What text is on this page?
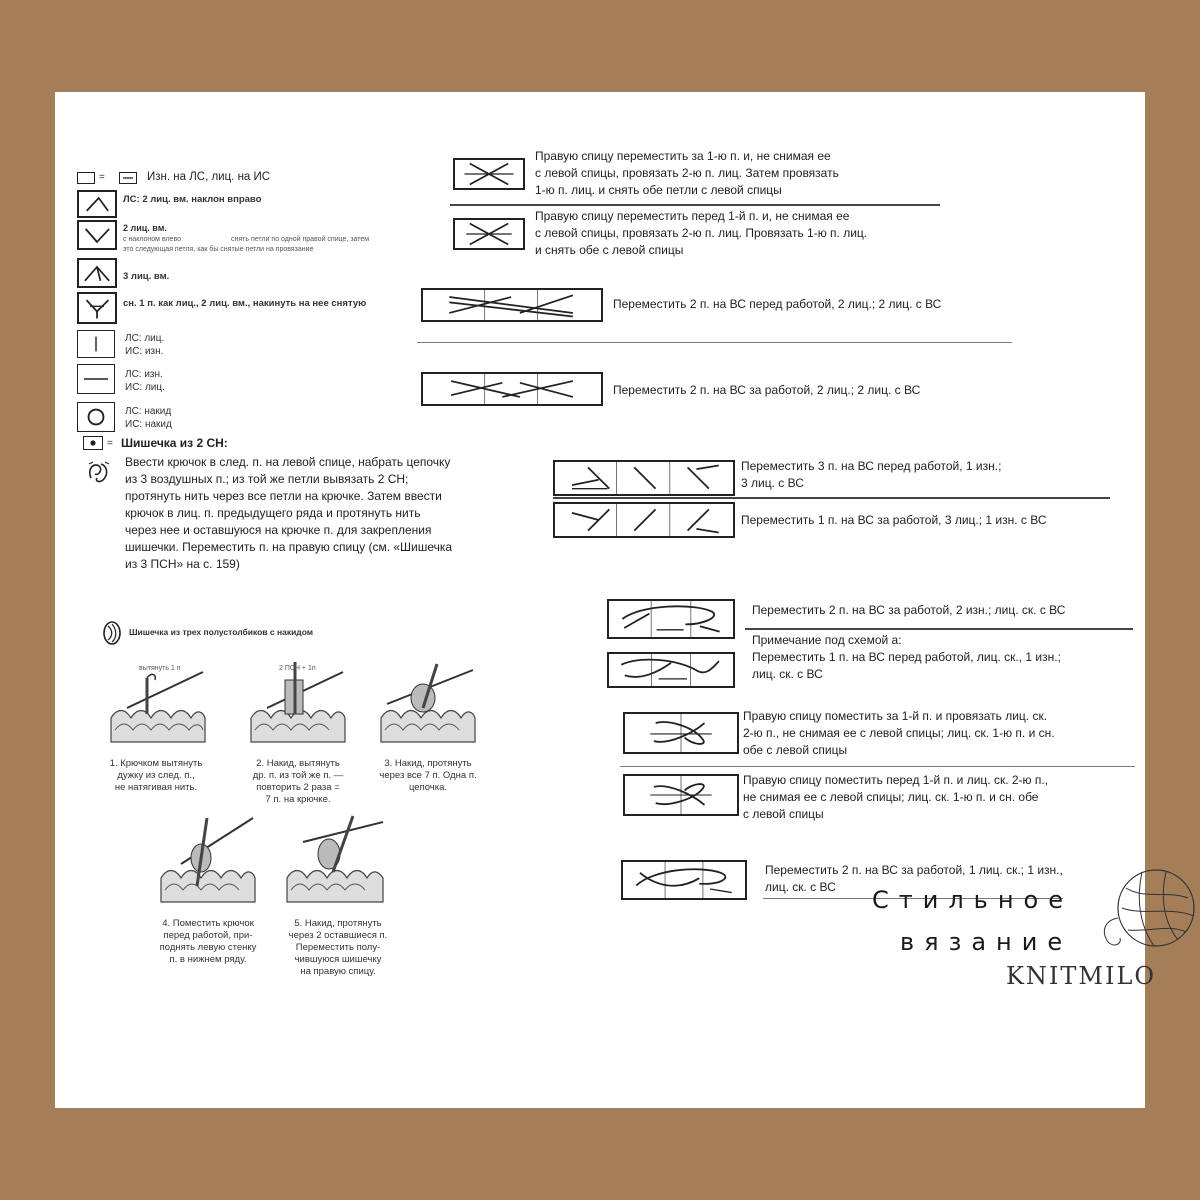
=	Изн. на ЛС, лиц. на ИС
ЛС: 2 лиц. вм. наклон вправо
2 лиц. вм.
с наклоном влево	снять петли по одной правой спице, затем
это следующая петля, как бы снятые петли на провязание
3 лиц. вм.
сн. 1 п. как лиц., 2 лиц. вм., накинуть на нее снятую
ЛС: лиц.
ИС: изн.
ЛС: изн.
ИС: лиц.
ЛС: накид
ИС: накид
= Шишечка из 2 СН:
Ввести крючок в след. п. на левой спице, набрать цепочку
из 3 воздушных п.; из той же петли вывязать 2 СН;
протянуть нить через все петли на крючке. Затем ввести
крючок в лиц. п. предыдущего ряда и протянуть нить
через нее и оставшуюся на крючке п. для закрепления
шишечки. Переместить п. на правую спицу (см. «Шишечка
из 3 ПСН» на с. 159)
Правую спицу переместить за 1-ю п. и, не снимая ее
с левой спицы, провязать 2-ю п. лиц. Затем провязать
1-ю п. лиц. и снять обе петли с левой спицы
Правую спицу переместить перед 1-й п. и, не снимая ее
с левой спицы, провязать 2-ю п. лиц. Провязать 1-ю п. лиц.
и снять обе с левой спицы
Переместить 2 п. на ВС перед работой, 2 лиц.; 2 лиц. с ВС
Переместить 2 п. на ВС за работой, 2 лиц.; 2 лиц. с ВС
Переместить 3 п. на ВС перед работой, 1 изн.;
3 лиц. с ВС
Переместить 1 п. на ВС за работой, 3 лиц.; 1 изн. с ВС
Переместить 2 п. на ВС за работой, 2 изн.; лиц. ск. с ВС
Примечание под схемой а:
Переместить 1 п. на ВС перед работой, лиц. ск., 1 изн.;
лиц. ск. с ВС
Правую спицу поместить за 1-й п. и провязать лиц. ск.
2-ю п., не снимая ее с левой спицы; лиц. ск. 1-ю п. и сн.
обе с левой спицы
Правую спицу поместить перед 1-й п. и лиц. ск. 2-ю п.,
не снимая ее с левой спицы; лиц. ск. 1-ю п. и сн. обе
с левой спицы
Переместить 2 п. на ВС за работой, 1 лиц. ск.; 1 изн.,
лиц. ск. с ВС
Шишечка из трех полустолбиков с накидом
вытянуть 1 п
1. Крючком вытянуть
дужку из след. п.,
не натягивая нить.
2 ПСН + 1п
2. Накид, вытянуть
др. п. из той же п. —
повторить 2 раза =
7 п. на крючке.
3. Накид, протянуть
через все 7 п. Одна п.
цепочка.
4. Поместить крючок
перед работой, при-
поднять левую стенку
п. в нижнем ряду.
5. Накид, протянуть
через 2 оставшиеся п.
Переместить полу-
чившуюся шишечку
на правую спицу.
Стильное
вязание
KNITMILO
